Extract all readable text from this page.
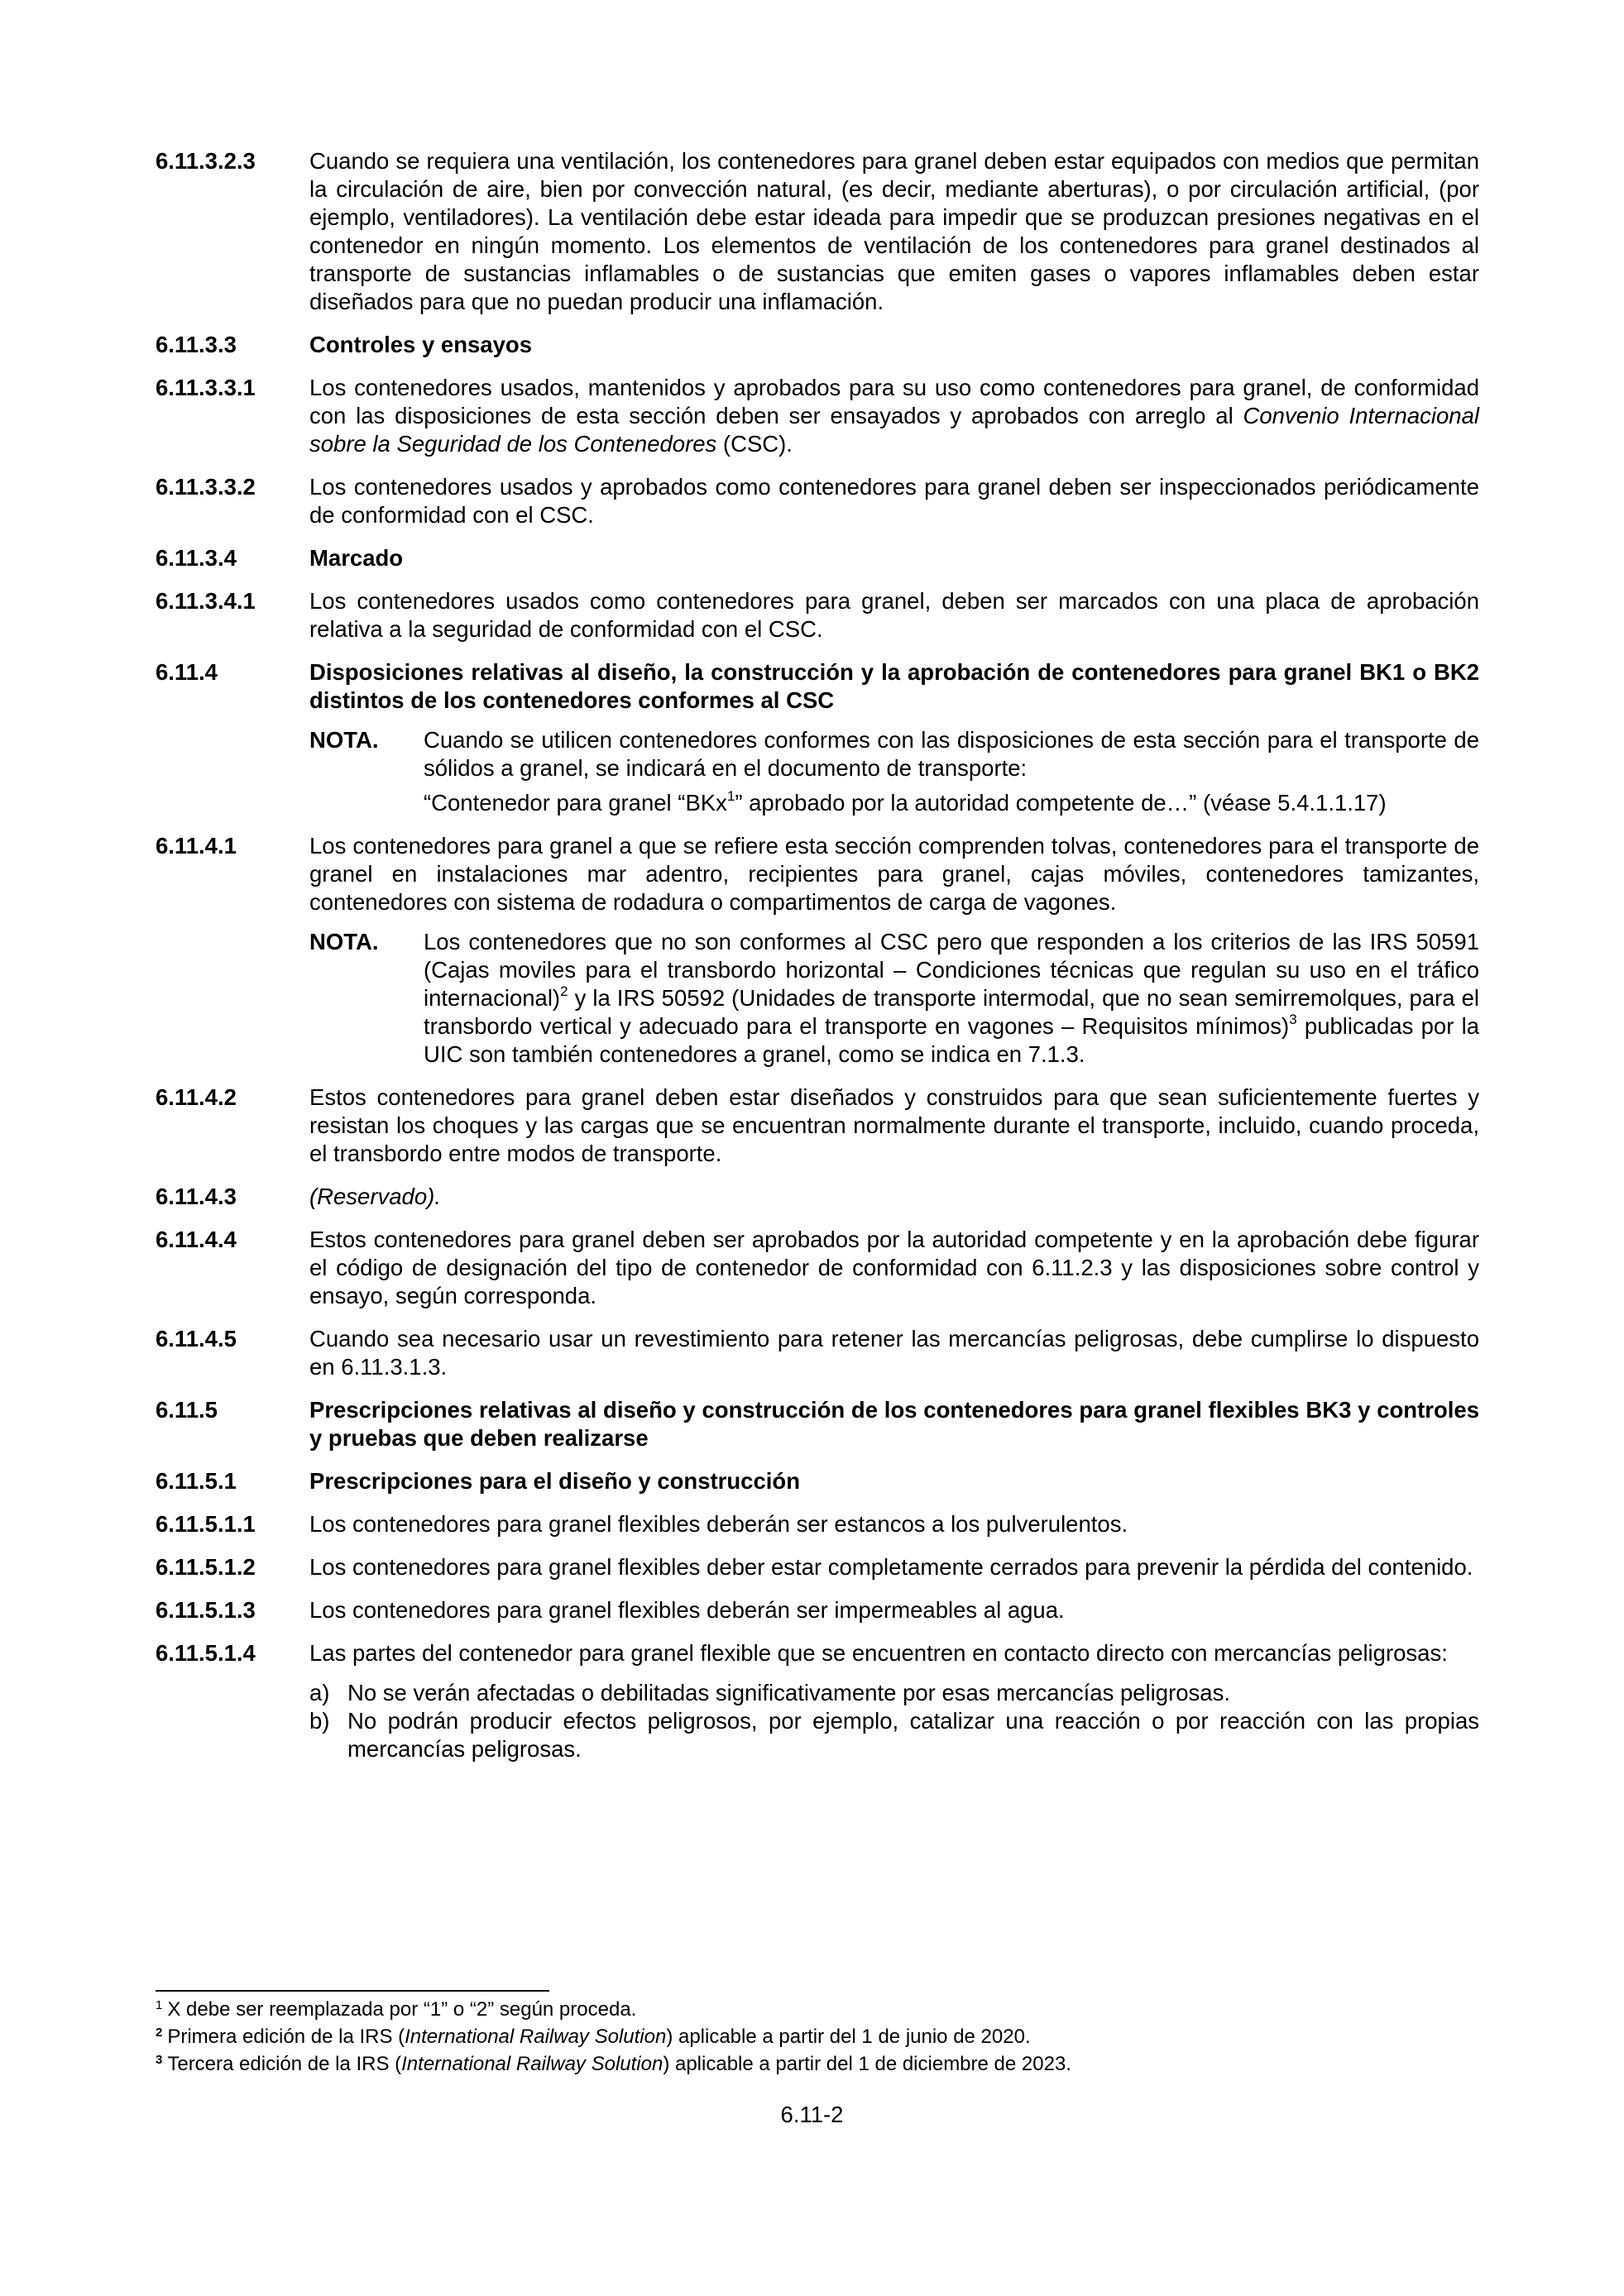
6.11.3.2.3	Cuando se requiera una ventilación, los contenedores para granel deben estar equipados con medios que permitan la circulación de aire, bien por convección natural, (es decir, mediante aberturas), o por circulación artificial, (por ejemplo, ventiladores). La ventilación debe estar ideada para impedir que se produzcan presiones negativas en el contenedor en ningún momento. Los elementos de ventilación de los contenedores para granel destinados al transporte de sustancias inflamables o de sustancias que emiten gases o vapores inflamables deben estar diseñados para que no puedan producir una inflamación.
6.11.3.3	Controles y ensayos
6.11.3.3.1	Los contenedores usados, mantenidos y aprobados para su uso como contenedores para granel, de conformidad con las disposiciones de esta sección deben ser ensayados y aprobados con arreglo al Convenio Internacional sobre la Seguridad de los Contenedores (CSC).
6.11.3.3.2	Los contenedores usados y aprobados como contenedores para granel deben ser inspeccionados periódicamente de conformidad con el CSC.
6.11.3.4	Marcado
6.11.3.4.1	Los contenedores usados como contenedores para granel, deben ser marcados con una placa de aprobación relativa a la seguridad de conformidad con el CSC.
6.11.4	Disposiciones relativas al diseño, la construcción y la aprobación de contenedores para granel BK1 o BK2 distintos de los contenedores conformes al CSC
NOTA.	Cuando se utilicen contenedores conformes con las disposiciones de esta sección para el transporte de sólidos a granel, se indicará en el documento de transporte:
“Contenedor para granel “BKx$^1$” aprobado por la autoridad competente de…” (véase 5.4.1.1.17)
6.11.4.1	Los contenedores para granel a que se refiere esta sección comprenden tolvas, contenedores para el transporte de granel en instalaciones mar adentro, recipientes para granel, cajas móviles, contenedores tamizantes, contenedores con sistema de rodadura o compartimentos de carga de vagones.
NOTA.	Los contenedores que no son conformes al CSC pero que responden a los criterios de las IRS 50591 (Cajas moviles para el transbordo horizontal – Condiciones técnicas que regulan su uso en el tráfico internacional)$^2$ y la IRS 50592 (Unidades de transporte intermodal, que no sean semirremolques, para el transbordo vertical y adecuado para el transporte en vagones – Requisitos mínimos)$^3$ publicadas por la UIC son también contenedores a granel, como se indica en 7.1.3.
6.11.4.2	Estos contenedores para granel deben estar diseñados y construidos para que sean suficientemente fuertes y resistan los choques y las cargas que se encuentran normalmente durante el transporte, incluido, cuando proceda, el transbordo entre modos de transporte.
6.11.4.3	(Reservado).
6.11.4.4	Estos contenedores para granel deben ser aprobados por la autoridad competente y en la aprobación debe figurar el código de designación del tipo de contenedor de conformidad con 6.11.2.3 y las disposiciones sobre control y ensayo, según corresponda.
6.11.4.5	Cuando sea necesario usar un revestimiento para retener las mercancías peligrosas, debe cumplirse lo dispuesto en 6.11.3.1.3.
6.11.5	Prescripciones relativas al diseño y construcción de los contenedores para granel flexibles BK3 y controles y pruebas que deben realizarse
6.11.5.1	Prescripciones para el diseño y construcción
6.11.5.1.1	Los contenedores para granel flexibles deberán ser estancos a los pulverulentos.
6.11.5.1.2	Los contenedores para granel flexibles deber estar completamente cerrados para prevenir la pérdida del contenido.
6.11.5.1.3	Los contenedores para granel flexibles deberán ser impermeables al agua.
6.11.5.1.4	Las partes del contenedor para granel flexible que se encuentren en contacto directo con mercancías peligrosas:
a) No se verán afectadas o debilitadas significativamente por esas mercancías peligrosas.
b) No podrán producir efectos peligrosos, por ejemplo, catalizar una reacción o por reacción con las propias mercancías peligrosas.
$^1$ X debe ser reemplazada por “1” o “2” según proceda.
$^2$ Primera edición de la IRS (International Railway Solution) aplicable a partir del 1 de junio de 2020.
$^3$ Tercera edición de la IRS (International Railway Solution) aplicable a partir del 1 de diciembre de 2023.
6.11-2
